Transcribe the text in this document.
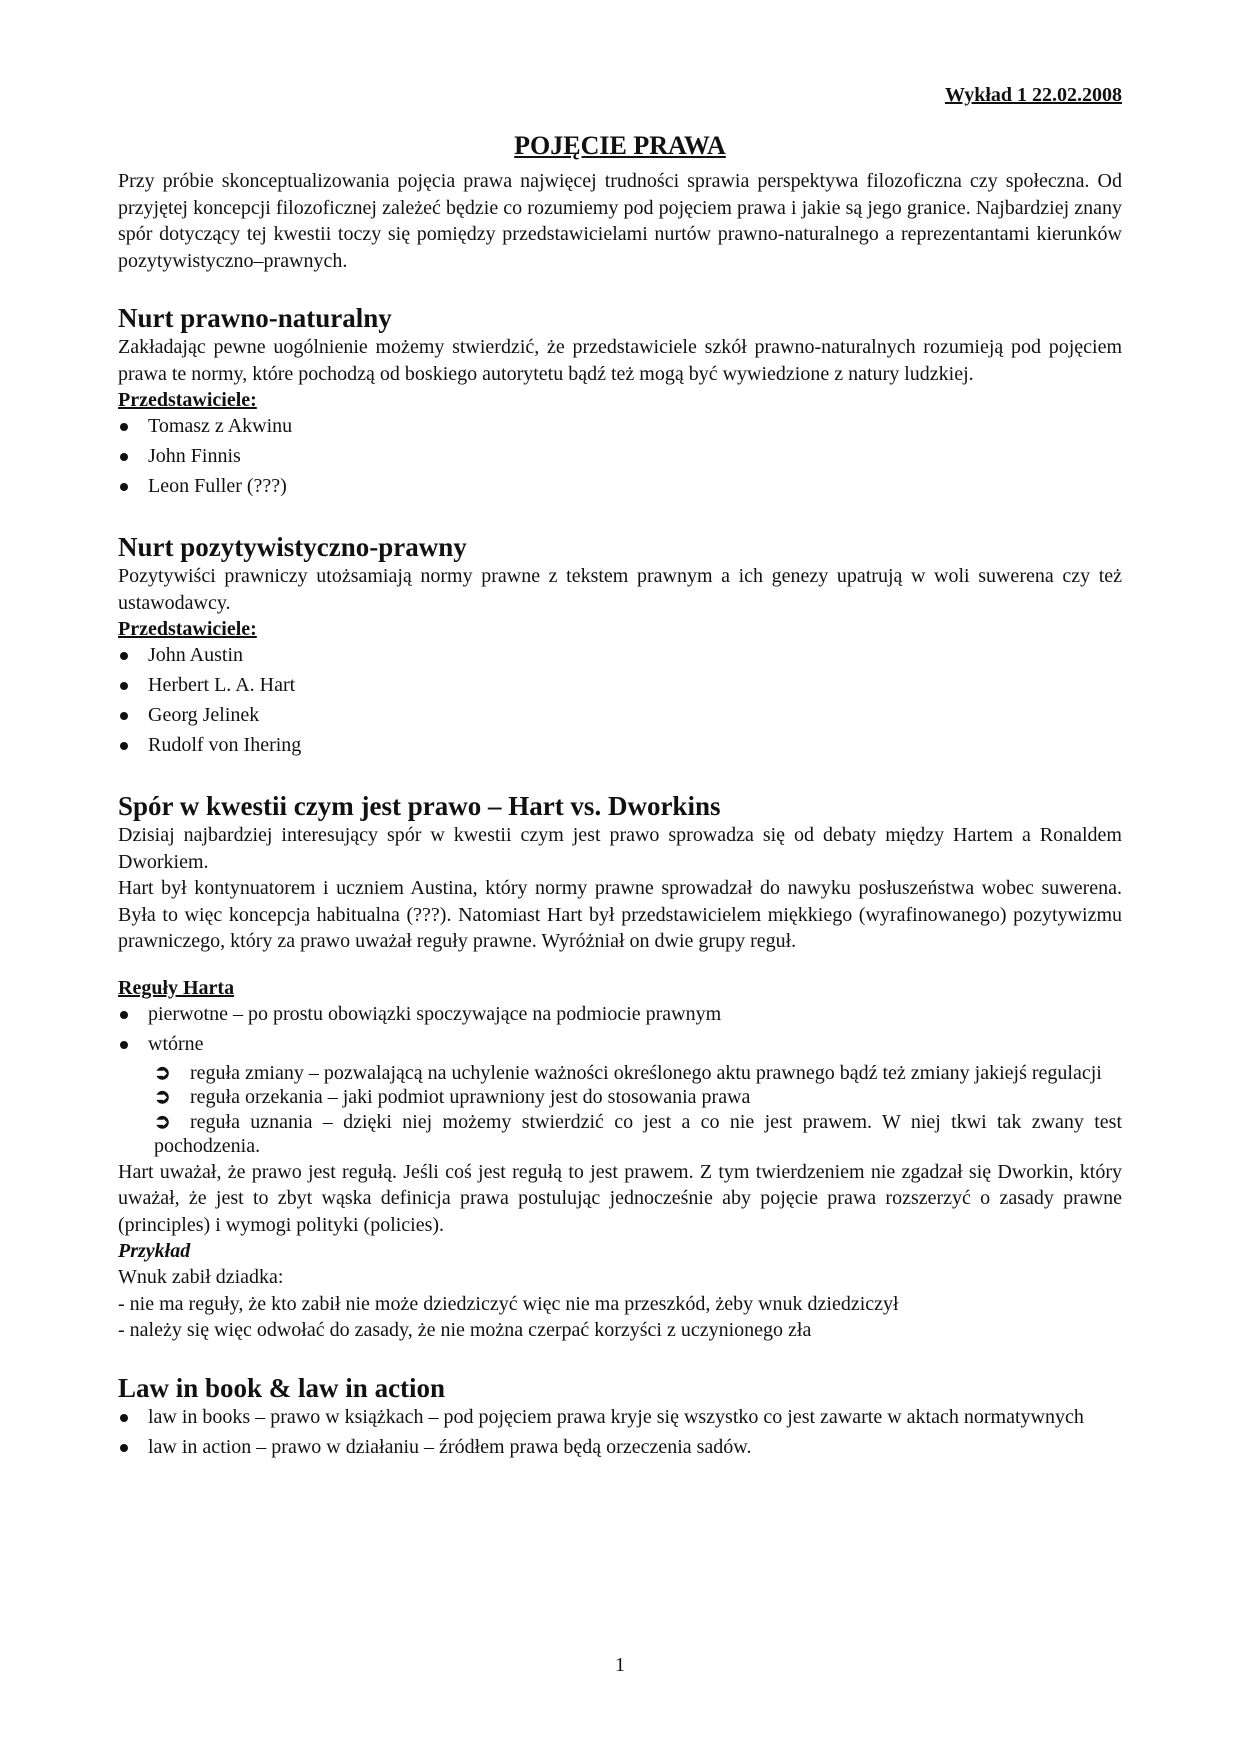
Wykład 1 22.02.2008

POJĘCIE PRAWA

Przy próbie skonceptualizowania pojęcia prawa najwięcej trudności sprawia perspektywa filozoficzna czy społeczna. Od przyjętej koncepcji filozoficznej zależeć będzie co rozumiemy pod pojęciem prawa i jakie są jego granice. Najbardziej znany spór dotyczący tej kwestii toczy się pomiędzy przedstawicielami nurtów prawno-naturalnego a reprezentantami kierunków pozytywistyczno–prawnych.

Nurt prawno-naturalny

Zakładając pewne uogólnienie możemy stwierdzić, że przedstawiciele szkół prawno-naturalnych rozumieją pod pojęciem prawa te normy, które pochodzą od boskiego autorytetu bądź też mogą być wywiedzione z natury ludzkiej.

Przedstawiciele:

Tomasz z Akwinu
John Finnis
Leon Fuller (???)
Nurt pozytywistyczno-prawny

Pozytywiści prawniczy utożsamiają normy prawne z tekstem prawnym a ich genezy upatrują w woli suwerena czy też ustawodawcy.

Przedstawiciele:

John Austin
Herbert L. A. Hart
Georg Jelinek
Rudolf von Ihering
Spór w kwestii czym jest prawo – Hart vs. Dworkins

Dzisiaj najbardziej interesujący spór w kwestii czym jest prawo sprowadza się od debaty między Hartem a Ronaldem Dworkiem.

Hart był kontynuatorem i uczniem Austina, który normy prawne sprowadzał do nawyku posłuszeństwa wobec suwerena. Była to więc koncepcja habitualna (???). Natomiast Hart był przedstawicielem miękkiego (wyrafinowanego) pozytywizmu prawniczego, który za prawo uważał reguły prawne. Wyróżniał on dwie grupy reguł.

Reguły Harta

pierwotne – po prostu obowiązki spoczywające na podmiocie prawnym
wtórne
➲ reguła zmiany – pozwalającą na uchylenie ważności określonego aktu prawnego bądź też zmiany jakiejś regulacji
➲ reguła orzekania – jaki podmiot uprawniony jest do stosowania prawa
➲ reguła uznania – dzięki niej możemy stwierdzić co jest a co nie jest prawem. W niej tkwi tak zwany test pochodzenia.

Hart uważał, że prawo jest regułą. Jeśli coś jest regułą to jest prawem. Z tym twierdzeniem nie zgadzał się Dworkin, który uważał, że jest to zbyt wąska definicja prawa postulując jednocześnie aby pojęcie prawa rozszerzyć o zasady prawne (principles) i wymogi polityki (policies).

Przykład

Wnuk zabił dziadka:

- nie ma reguły, że kto zabił nie może dziedziczyć więc nie ma przeszkód, żeby wnuk dziedziczył

- należy się więc odwołać do zasady, że nie można czerpać korzyści z uczynionego zła

Law in book & law in action
law in books – prawo w książkach – pod pojęciem prawa kryje się wszystko co jest zawarte w aktach normatywnych
law in action – prawo w działaniu – źródłem prawa będą orzeczenia sadów.
1
